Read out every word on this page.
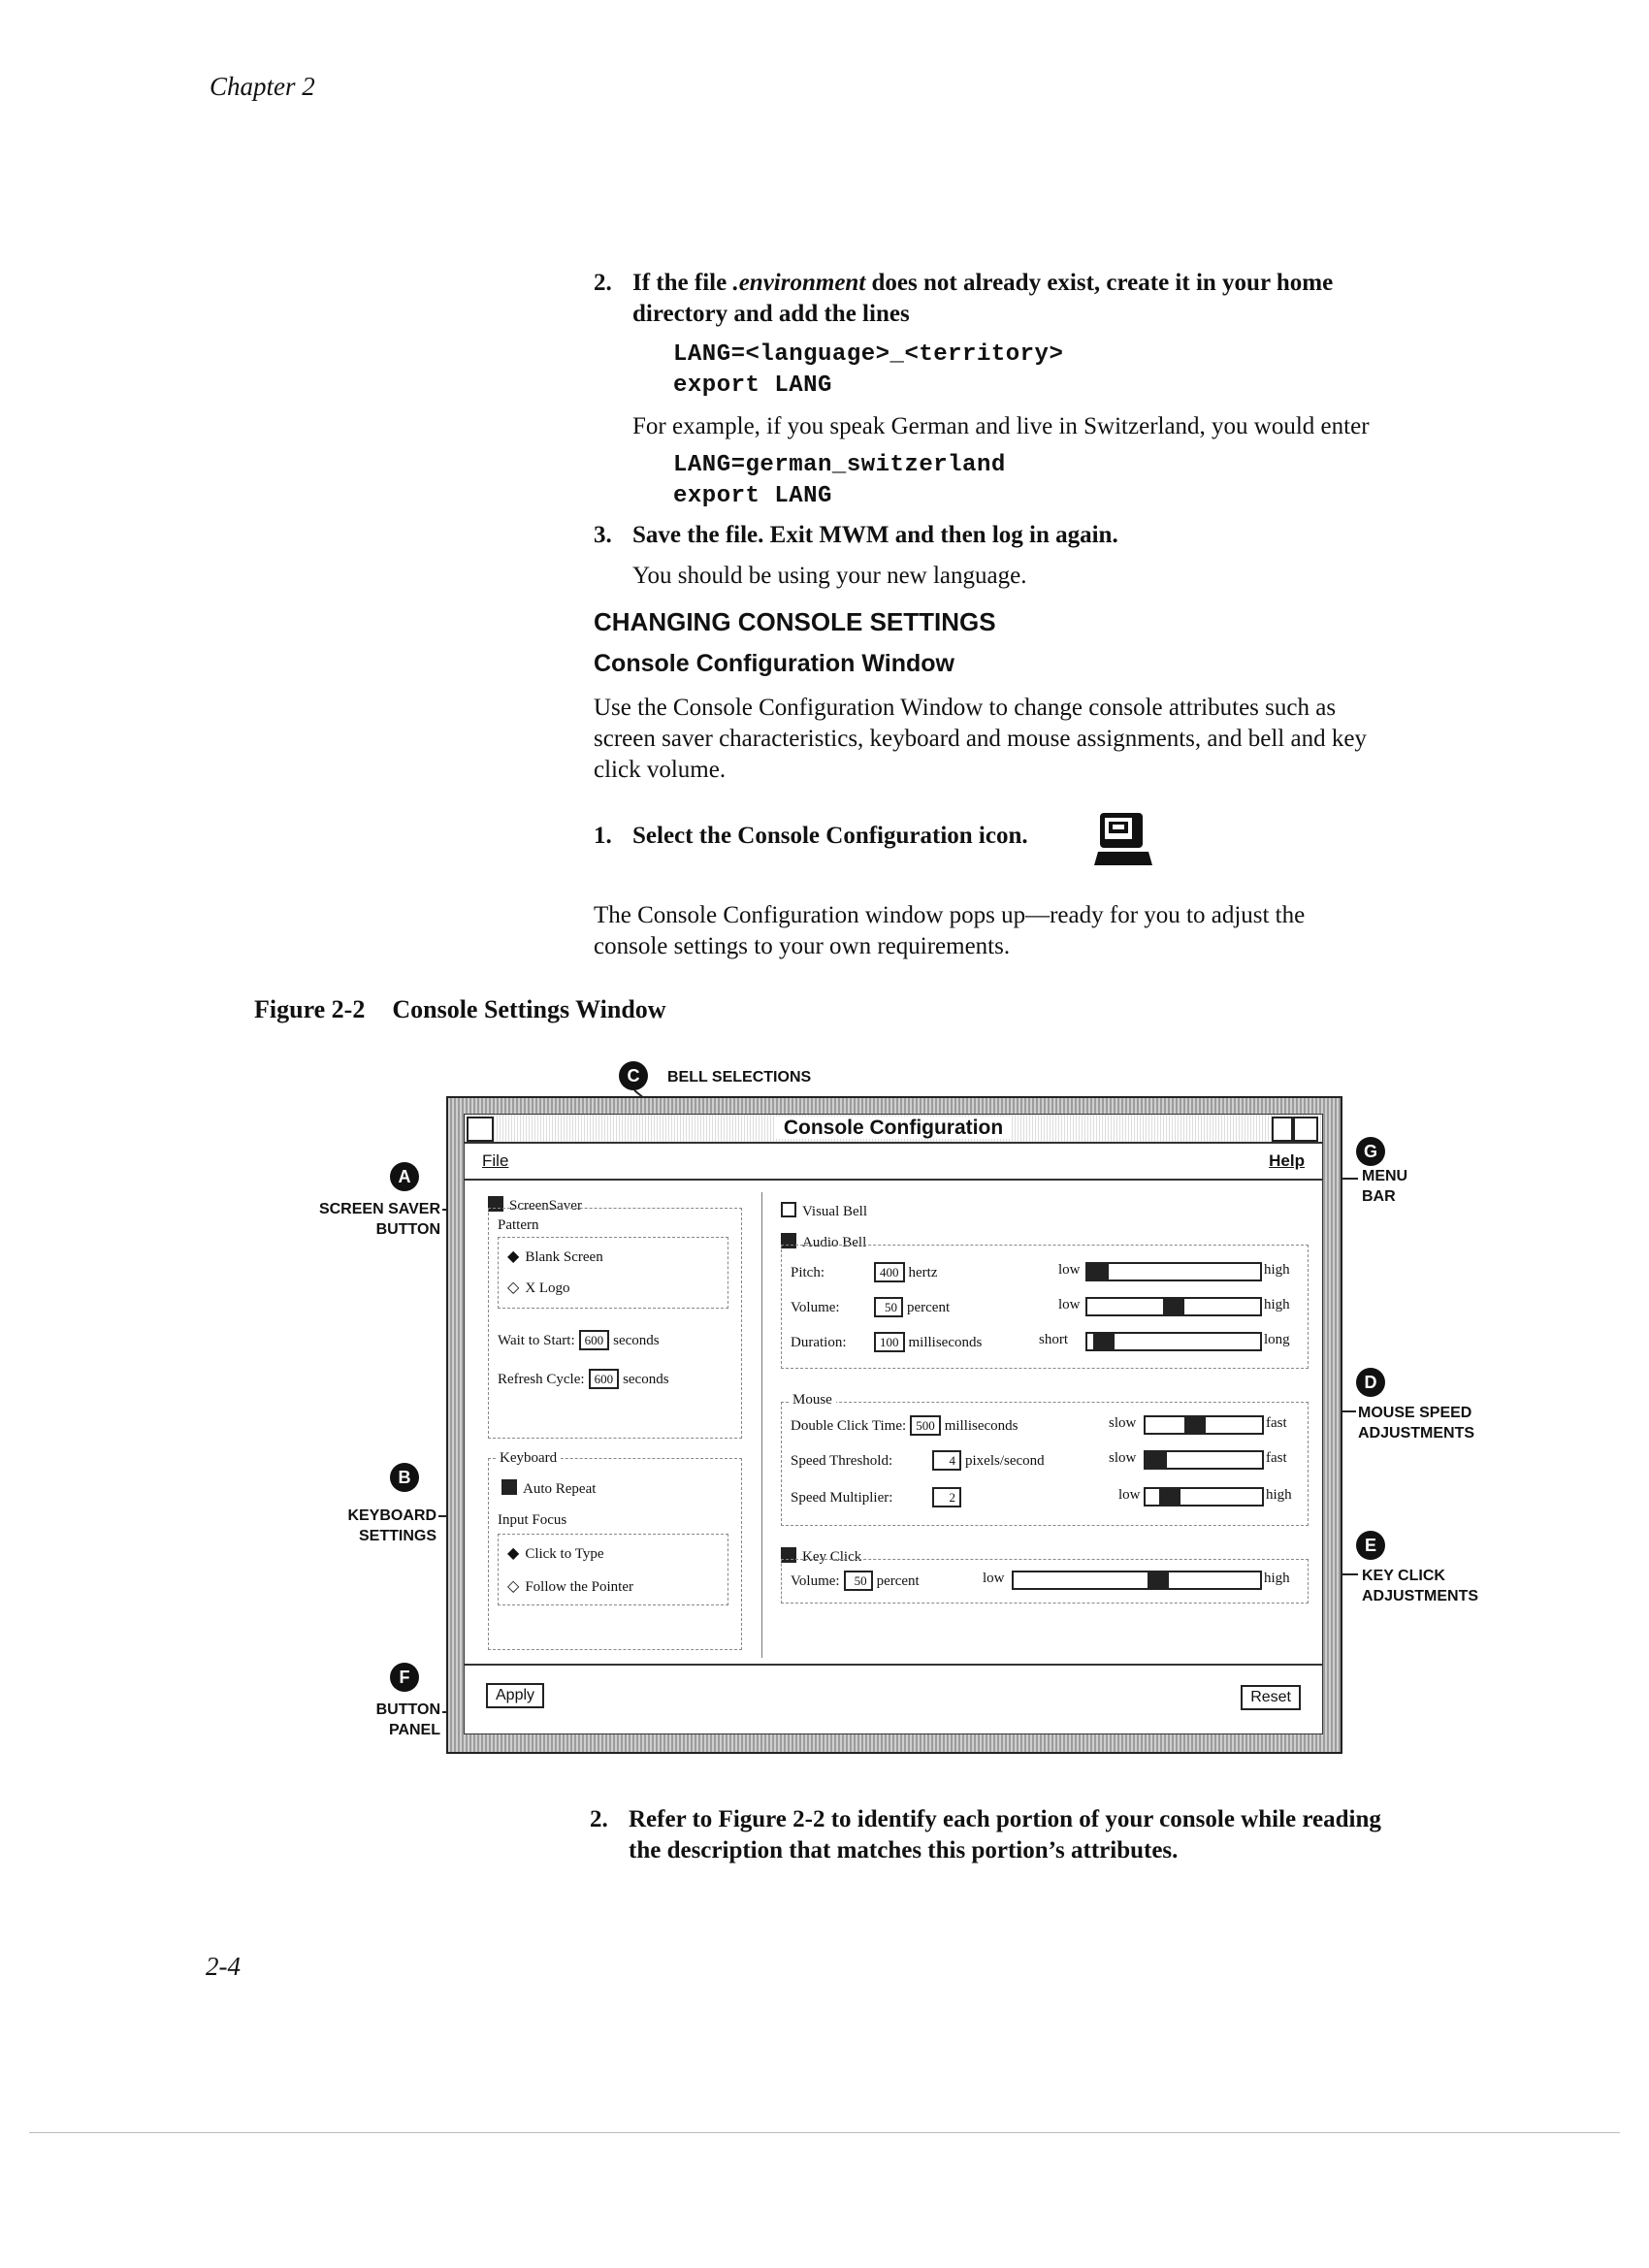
Chapter 2
2-4
2. If the file .environment does not already exist, create it in your home
directory and add the lines
LANG=<language>_<territory>
export LANG
For example, if you speak German and live in Switzerland, you would enter
LANG=german_switzerland
export LANG
3. Save the file. Exit MWM and then log in again.
You should be using your new language.
CHANGING CONSOLE SETTINGS
Console Configuration Window
Use the Console Configuration Window to change console attributes such as
screen saver characteristics, keyboard and mouse assignments, and bell and key
click volume.
1. Select the Console Configuration icon.
The Console Configuration window pops up—ready for you to adjust the
console settings to your own requirements.
Figure 2-2 Console Settings Window
C	BELL SELECTIONS
A
SCREEN SAVER
BUTTON
B
KEYBOARD
SETTINGS
F
BUTTON
PANEL
G
MENU
BAR
D
MOUSE SPEED
ADJUSTMENTS
E
KEY CLICK
ADJUSTMENTS
Console Configuration
File	Help
ScreenSaver
Pattern
◆ Blank Screen
◇ X Logo
Wait to Start: 600 seconds
Refresh Cycle: 600 seconds
Keyboard
Auto Repeat
Input Focus
◆ Click to Type
◇ Follow the Pointer
Visual Bell
Audio Bell
Pitch:	400 hertz	low	high
Volume:	50 percent	low	high
Duration:	100 milliseconds	short	long
Mouse
Double Click Time: 500 milliseconds	slow	fast
Speed Threshold:	4 pixels/second	slow	fast
Speed Multiplier:	2	low	high
Key Click
Volume: 50 percent	low	high
Apply	Reset
2. Refer to Figure 2-2 to identify each portion of your console while reading
the description that matches this portion’s attributes.
